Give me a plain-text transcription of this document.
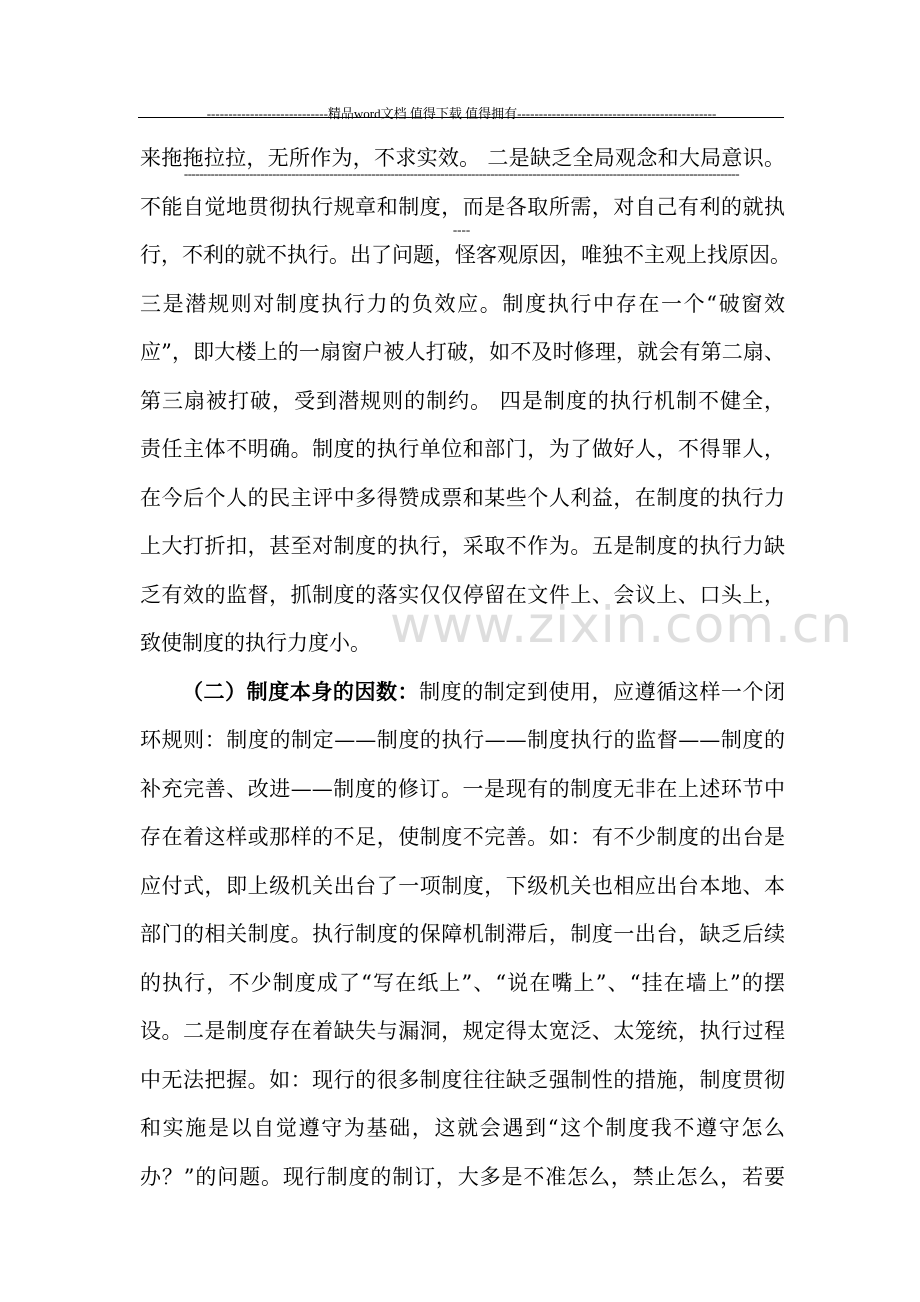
----------------------------精品word文档 值得下载 值得拥有----------------------------------------------

-------------------------------------------------------------------------------------------------------------------------------------------------

----

www.zixin.com.cn
来拖拖拉拉，无所作为，不求实效。 二是缺乏全局观念和大局意识。
不能自觉地贯彻执行规章和制度，而是各取所需，对自己有利的就执
行，不利的就不执行。出了问题，怪客观原因，唯独不主观上找原因。
三是潜规则对制度执行力的负效应。制度执行中存在一个“破窗效
应”，即大楼上的一扇窗户被人打破，如不及时修理，就会有第二扇、
第三扇被打破，受到潜规则的制约。 四是制度的执行机制不健全，
责任主体不明确。制度的执行单位和部门，为了做好人，不得罪人，
在今后个人的民主评中多得赞成票和某些个人利益，在制度的执行力
上大打折扣，甚至对制度的执行，采取不作为。五是制度的执行力缺
乏有效的监督，抓制度的落实仅仅停留在文件上、会议上、口头上，
致使制度的执行力度小。
（二）制度本身的因数：制度的制定到使用，应遵循这样一个闭
环规则：制度的制定——制度的执行——制度执行的监督——制度的
补充完善、改进——制度的修订。一是现有的制度无非在上述环节中
存在着这样或那样的不足，使制度不完善。如：有不少制度的出台是
应付式，即上级机关出台了一项制度，下级机关也相应出台本地、本
部门的相关制度。执行制度的保障机制滞后，制度一出台，缺乏后续
的执行，不少制度成了“写在纸上”、“说在嘴上”、“挂在墙上”的摆
设。二是制度存在着缺失与漏洞，规定得太宽泛、太笼统，执行过程
中无法把握。如：现行的很多制度往往缺乏强制性的措施，制度贯彻
和实施是以自觉遵守为基础，这就会遇到“这个制度我不遵守怎么
办？”的问题。现行制度的制订，大多是不准怎么，禁止怎么，若要
